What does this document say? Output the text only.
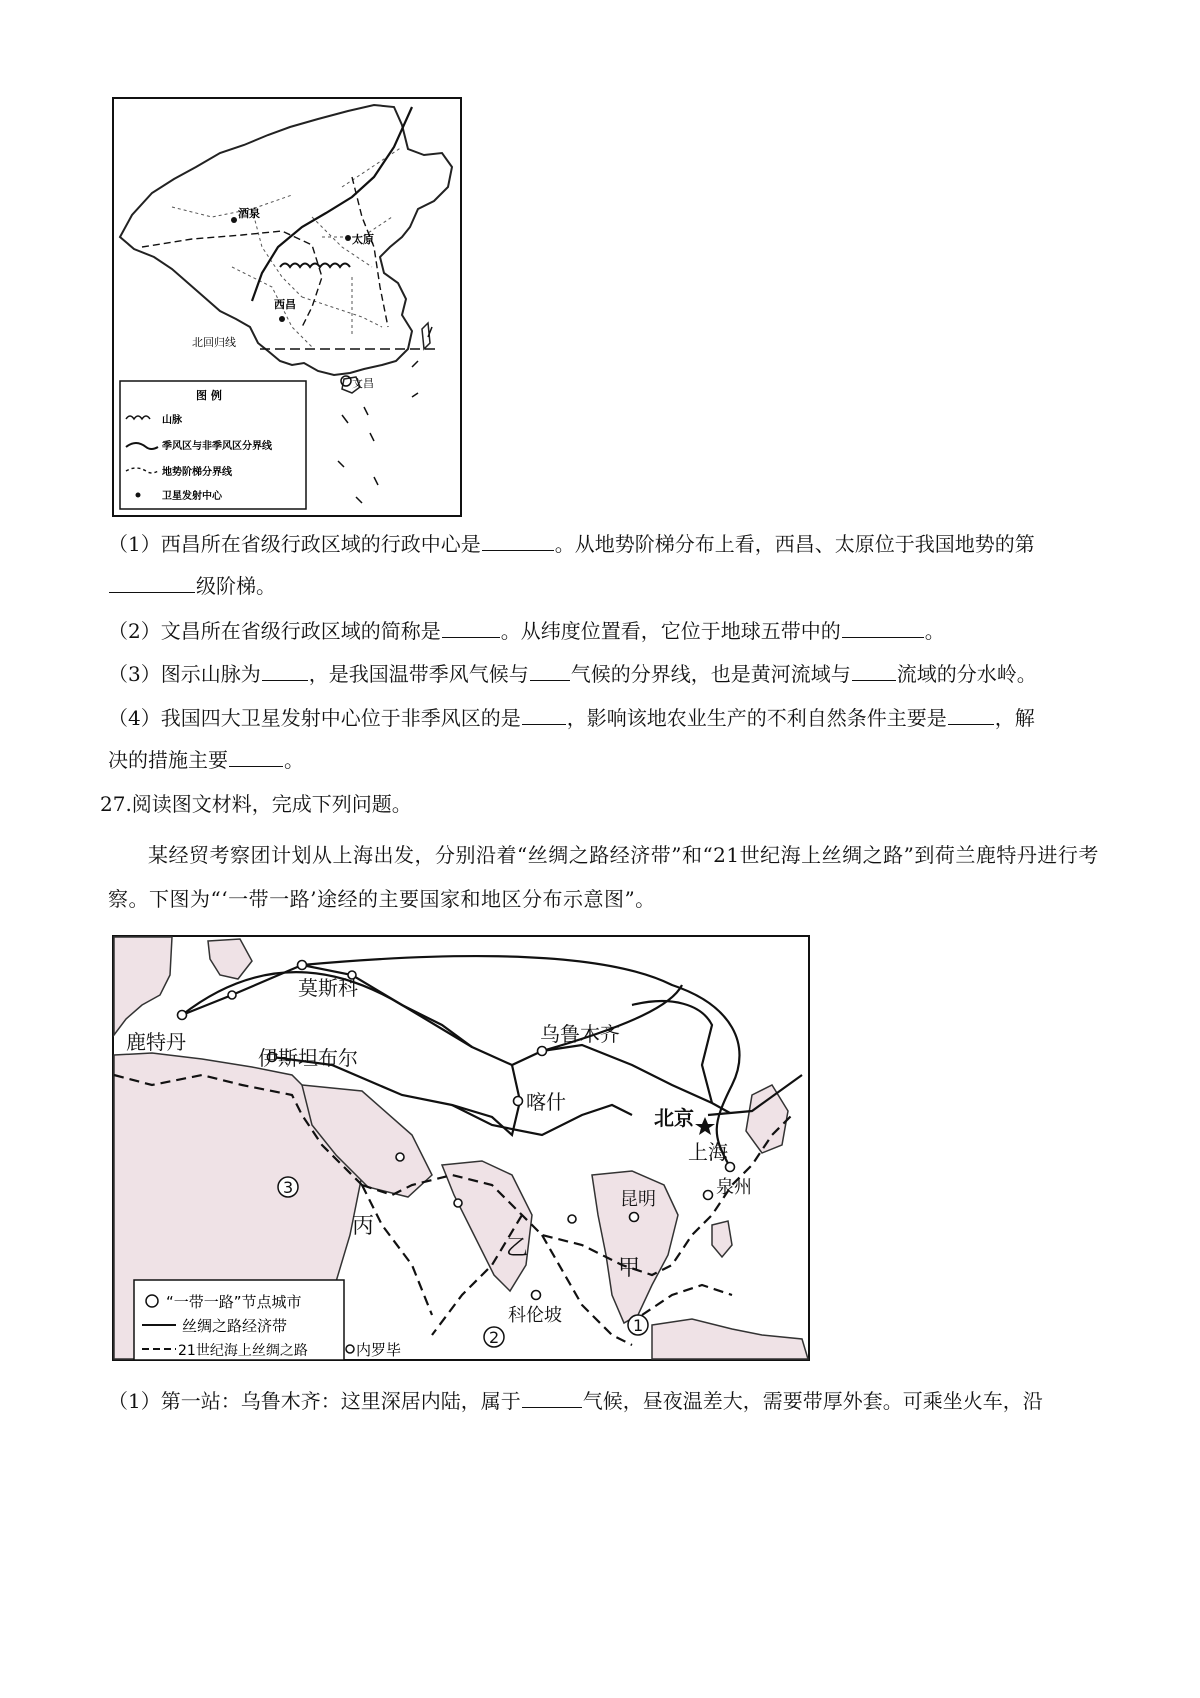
酒泉
太原
西昌
北回归线
文昌
图 例
山脉
季风区与非季风区分界线
地势阶梯分界线
卫星发射中心
（1）西昌所在省级行政区域的行政中心是	。从地势阶梯分布上看，西昌、太原位于我国地势的第
级阶梯。
（2）文昌所在省级行政区域的简称是	。从纬度位置看，它位于地球五带中的	。
（3）图示山脉为 ，是我国温带季风气候与 气候的分界线，也是黄河流域与 流域的分水岭。
（4）我国四大卫星发射中心位于非季风区的是 ，影响该地农业生产的不利自然条件主要是 ，解
决的措施主要	。
27.阅读图文材料，完成下列问题。
某经贸考察团计划从上海出发，分别沿着“丝绸之路经济带”和“21世纪海上丝绸之路”到荷兰鹿特丹进行考察。下图为“‘一带一路’途经的主要国家和地区分布示意图”。
莫斯科
鹿特丹	乌鲁木齐
伊斯坦布尔
喀什
北京
上海
泉州
昆明
丙
乙
甲
科伦坡
3
2
1
“一带一路”节点城市
丝绸之路经济带
21世纪海上丝绸之路	内罗毕
（1）第一站：乌鲁木齐：这里深居内陆，属于	气候，昼夜温差大，需要带厚外套。可乘坐火车，沿
